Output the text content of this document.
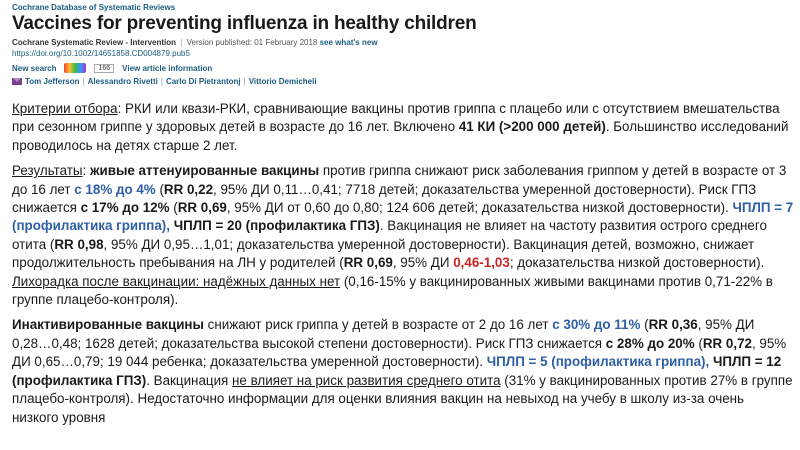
Cochrane Database of Systematic Reviews
Vaccines for preventing influenza in healthy children
Cochrane Systematic Review - Intervention | Version published: 01 February 2018 see what's new
https://doi.org/10.1002/14651858.CD004879.pub5
New search	166	View article information
Tom Jefferson | Alessandro Rivetti | Carlo Di Pietrantonj | Vittorio Demicheli

Критерии отбора: РКИ или квази-РКИ, сравнивающие вакцины против гриппа с плацебо или с отсутствием вмешательства при сезонном гриппе у здоровых детей в возрасте до 16 лет. Включено 41 КИ (>200 000 детей). Большинство исследований проводилось на детях старше 2 лет.

Результаты: живые аттенуированные вакцины против гриппа снижают риск заболевания гриппом у детей в возрасте от 3 до 16 лет с 18% до 4% (RR 0,22, 95% ДИ 0,11…0,41; 7718 детей; доказательства умеренной достоверности). Риск ГПЗ снижается с 17% до 12% (RR 0,69, 95% ДИ от 0,60 до 0,80; 124 606 детей; доказательства низкой достоверности). ЧПЛП = 7 (профилактика гриппа), ЧПЛП = 20 (профилактика ГПЗ). Вакцинация не влияет на частоту развития острого среднего отита (RR 0,98, 95% ДИ 0,95…1,01; доказательства умеренной достоверности). Вакцинация детей, возможно, снижает продолжительность пребывания на ЛН у родителей (RR 0,69, 95% ДИ 0,46-1,03; доказательства низкой достоверности). Лихорадка после вакцинации: надёжных данных нет (0,16-15% у вакцинированных живыми вакцинами против 0,71-22% в группе плацебо-контроля).

Инактивированные вакцины снижают риск гриппа у детей в возрасте от 2 до 16 лет с 30% до 11% (RR 0,36, 95% ДИ 0,28…0,48; 1628 детей; доказательства высокой степени достоверности). Риск ГПЗ снижается с 28% до 20% (RR 0,72, 95% ДИ 0,65…0,79; 19 044 ребенка; доказательства умеренной достоверности). ЧПЛП = 5 (профилактика гриппа), ЧПЛП = 12 (профилактика ГПЗ). Вакцинация не влияет на риск развития среднего отита (31% у вакцинированных против 27% в группе плацебо-контроля). Недостаточно информации для оценки влияния вакцин на невыход на учебу в школу из-за очень низкого уровня
